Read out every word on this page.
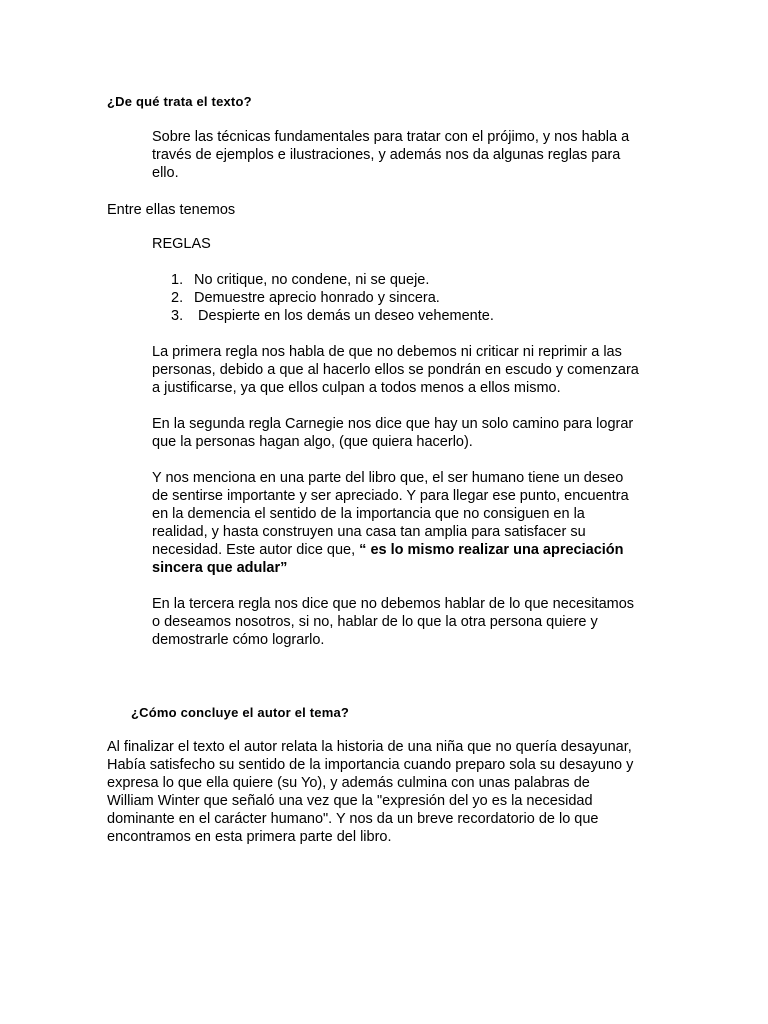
¿De qué trata el texto?
Sobre las técnicas fundamentales para tratar con el prójimo, y nos habla a
través de ejemplos e ilustraciones, y además nos da algunas reglas para
ello.
Entre ellas tenemos
REGLAS
1. No critique, no condene, ni se queje.
2. Demuestre aprecio honrado y sincera.
3. Despierte en los demás un deseo vehemente.
La primera regla nos habla de que no debemos ni criticar ni reprimir a las
personas, debido a que al hacerlo ellos se pondrán en escudo y comenzara
a justificarse, ya que ellos culpan a todos menos a ellos mismo.
En la segunda regla Carnegie nos dice que hay un solo camino para lograr
que la personas hagan algo, (que quiera hacerlo).
Y nos menciona en una parte del libro que, el ser humano tiene un deseo
de sentirse importante y ser apreciado. Y para llegar ese punto, encuentra
en la demencia el sentido de la importancia que no consiguen en la
realidad, y hasta construyen una casa tan amplia para satisfacer su
necesidad. Este autor dice que, “ es lo mismo realizar una apreciación
sincera que adular”
En la tercera regla nos dice que no debemos hablar de lo que necesitamos
o deseamos nosotros, si no, hablar de lo que la otra persona quiere y
demostrarle cómo lograrlo.
¿Cómo concluye el autor el tema?
Al finalizar el texto el autor relata la historia de una niña que no quería desayunar,
Había satisfecho su sentido de la importancia cuando preparo sola su desayuno y
expresa lo que ella quiere (su Yo), y además culmina con unas palabras de
William Winter que señaló una vez que la "expresión del yo es la necesidad
dominante en el carácter humano". Y nos da un breve recordatorio de lo que
encontramos en esta primera parte del libro.
